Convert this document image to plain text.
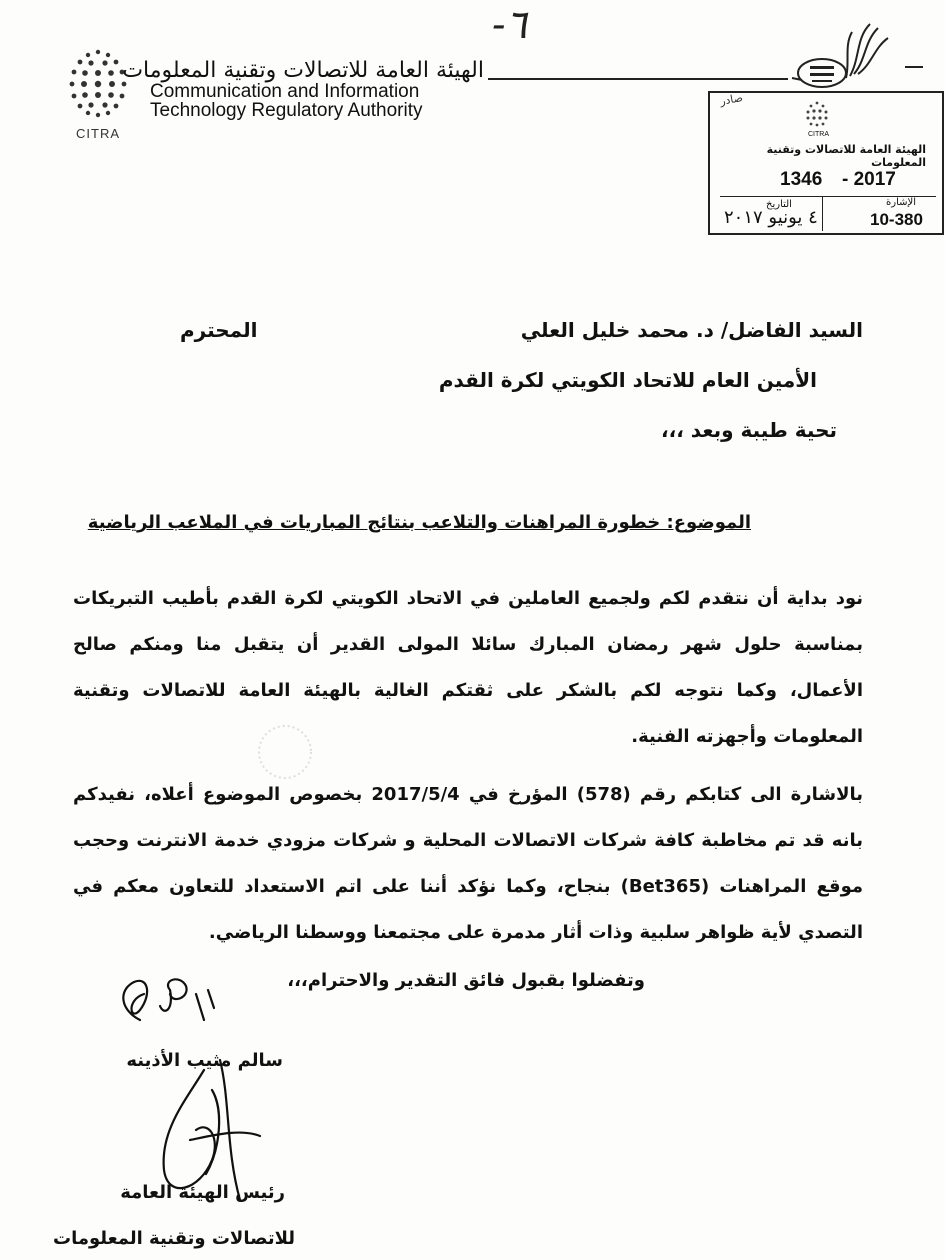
-٦
CITRA
الهيئة العامة للاتصالات وتقنية المعلومات
Communication and Information
Technology Regulatory Authority
صادر
CITRA
الهيئة العامة للاتصالات وتقنية المعلومات
1346 - 2017
الإشارة
10-380
التاريخ
٤ يونيو ٢٠١٧
السيد الفاضل/ د. محمد خليل العلي
المحترم
الأمين العام للاتحاد الكويتي لكرة القدم
تحية طيبة وبعد ،،،
الموضوع: خطورة المراهنات والتلاعب بنتائج المباريات في الملاعب الرياضية
نود بداية أن نتقدم لكم ولجميع العاملين في الاتحاد الكويتي لكرة القدم بأطيب التبريكات بمناسبة حلول شهر رمضان المبارك سائلا المولى القدير أن يتقبل منا ومنكم صالح الأعمال، وكما نتوجه لكم بالشكر على ثقتكم الغالية بالهيئة العامة للاتصالات وتقنية المعلومات وأجهزته الفنية.
بالاشارة الى كتابكم رقم (578) المؤرخ في 2017/5/4 بخصوص الموضوع أعلاه، نفيدكم بانه قد تم مخاطبة كافة شركات الاتصالات المحلية و شركات مزودي خدمة الانترنت وحجب موقع المراهنات (Bet365) بنجاح، وكما نؤكد أننا على اتم الاستعداد للتعاون معكم في التصدي لأية ظواهر سلبية وذات أثار مدمرة على مجتمعنا ووسطنا الرياضي.
وتفضلوا بقبول فائق التقدير والاحترام،،،
سالم مثيب الأذينه
رئيس الهيئة العامة
للاتصالات وتقنية المعلومات
